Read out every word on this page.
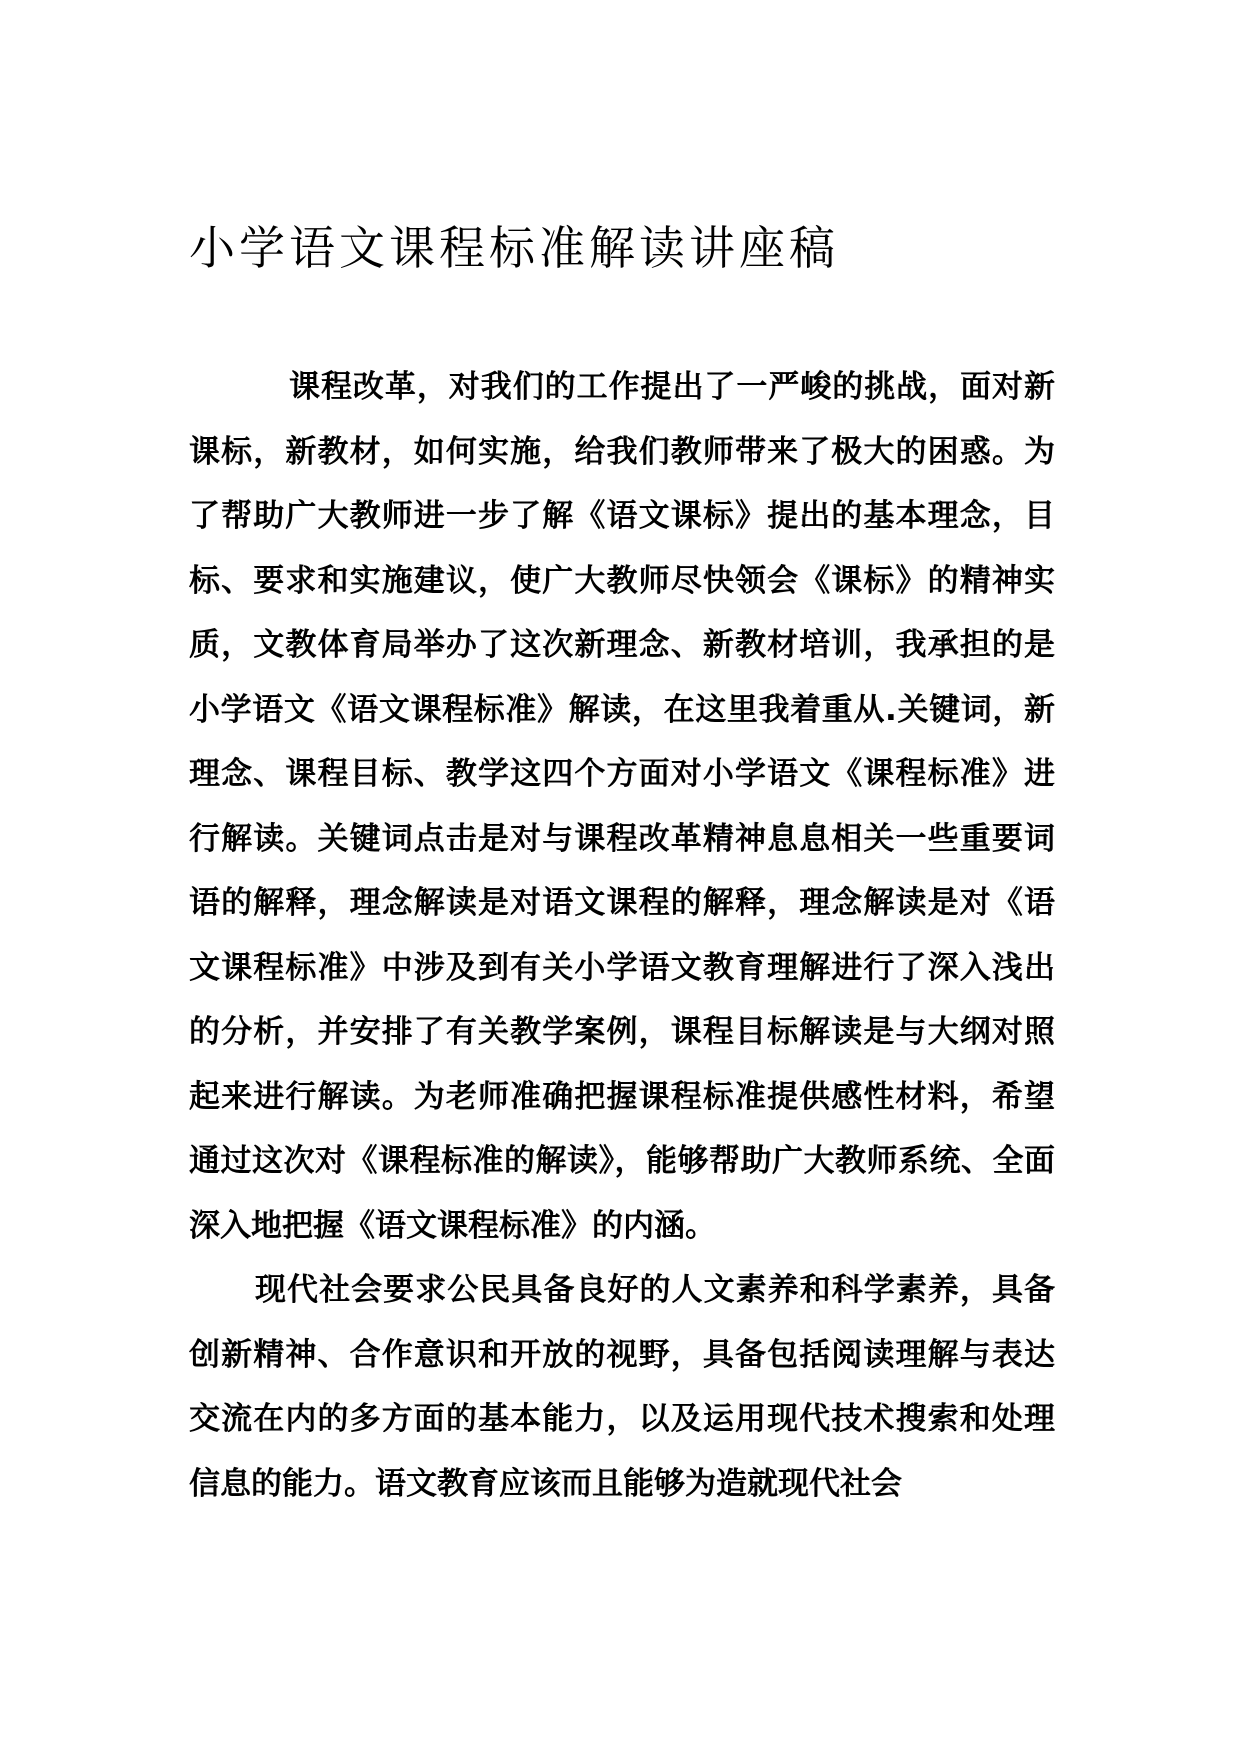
小学语文课程标准解读讲座稿

课程改革，对我们的工作提出了一严峻的挑战，面对新课标，新教材，如何实施，给我们教师带来了极大的困惑。为了帮助广大教师进一步了解《语文课标》提出的基本理念，目标、要求和实施建议，使广大教师尽快领会《课标》的精神实质，文教体育局举办了这次新理念、新教材培训，我承担的是小学语文《语文课程标准》解读，在这里我着重从.关键词，新理念、课程目标、教学这四个方面对小学语文《课程标准》进行解读。关键词点击是对与课程改革精神息息相关一些重要词语的解释，理念解读是对语文课程的解释，理念解读是对《语文课程标准》中涉及到有关小学语文教育理解进行了深入浅出的分析，并安排了有关教学案例，课程目标解读是与大纲对照起来进行解读。为老师准确把握课程标准提供感性材料，希望通过这次对《课程标准的解读》，能够帮助广大教师系统、全面深入地把握《语文课程标准》的内涵。

现代社会要求公民具备良好的人文素养和科学素养，具备创新精神、合作意识和开放的视野，具备包括阅读理解与表达交流在内的多方面的基本能力，以及运用现代技术搜索和处理信息的能力。语文教育应该而且能够为造就现代社会
